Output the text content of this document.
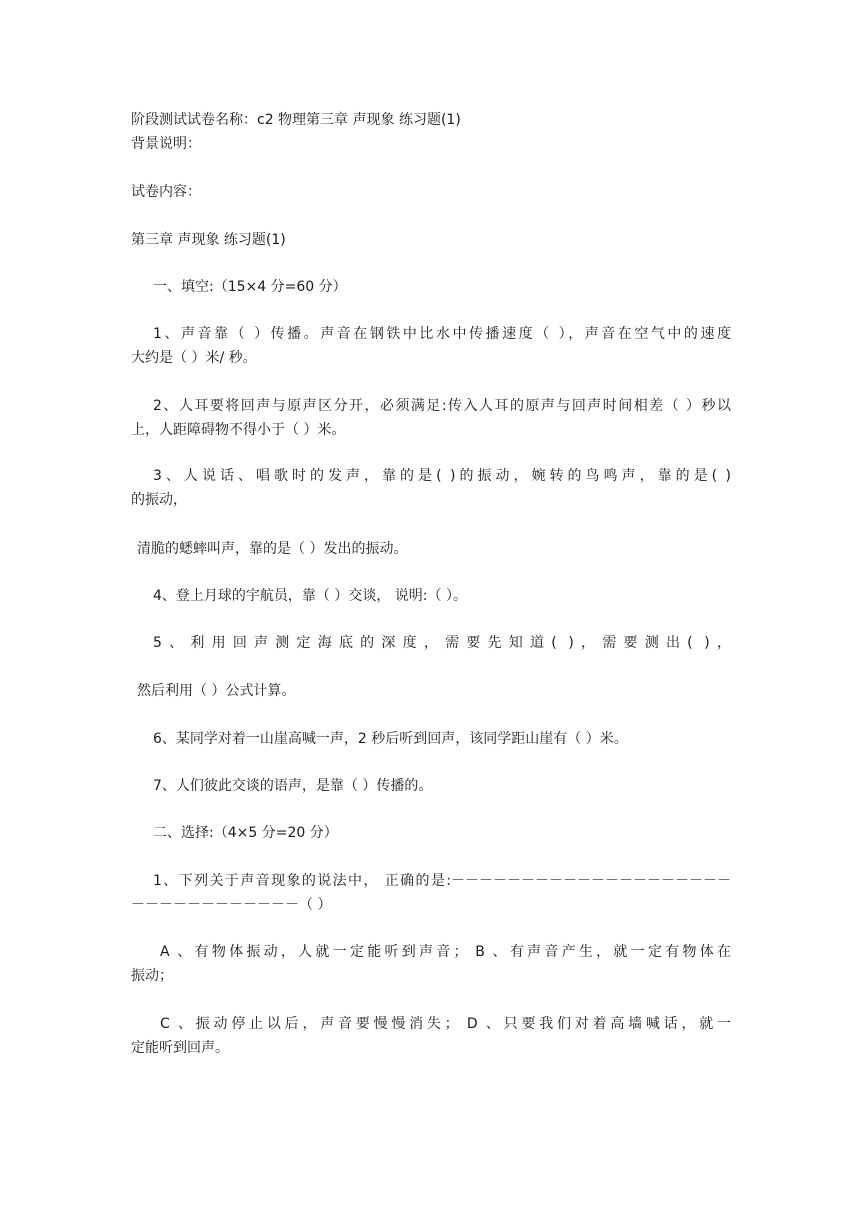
阶段测试试卷名称：c2 物理第三章 声现象 练习题(1)
背景说明：
试卷内容：
第三章 声现象 练习题(1)
一、填空:（15×4 分=60 分）
1、声音靠（ ）传播。声音在钢铁中比水中传播速度（ ），声音在空气中的速度
大约是（ ）米/ 秒。
2、人耳要将回声与原声区分开，必须满足:传入人耳的原声与回声时间相差（ ）秒以
上，人距障碍物不得小于（ ）米。
3、人说话、唱歌时的发声，靠的是( )的振动，婉转的鸟鸣声，靠的是( )
的振动，
清脆的蟋蟀叫声，靠的是（ ）发出的振动。
4、登上月球的宇航员，靠（ ）交谈， 说明:（ ）。
5、利用回声测定海底的深度，需要先知道( )，需要测出( )，
然后利用（ ）公式计算。
6、某同学对着一山崖高喊一声，2 秒后听到回声，该同学距山崖有（ ）米。
7、人们彼此交谈的语声，是靠（ ）传播的。
二、选择:（4×5 分=20 分）
1、下列关于声音现象的说法中， 正确的是:－－－－－－－－－－－－－－－－－－－－
－－－－－－－－－－－－（ ）
A 、有物体振动，人就一定能听到声音； B 、有声音产生，就一定有物体在
振动；
C 、振动停止以后，声音要慢慢消失； D 、只要我们对着高墙喊话，就一
定能听到回声。
